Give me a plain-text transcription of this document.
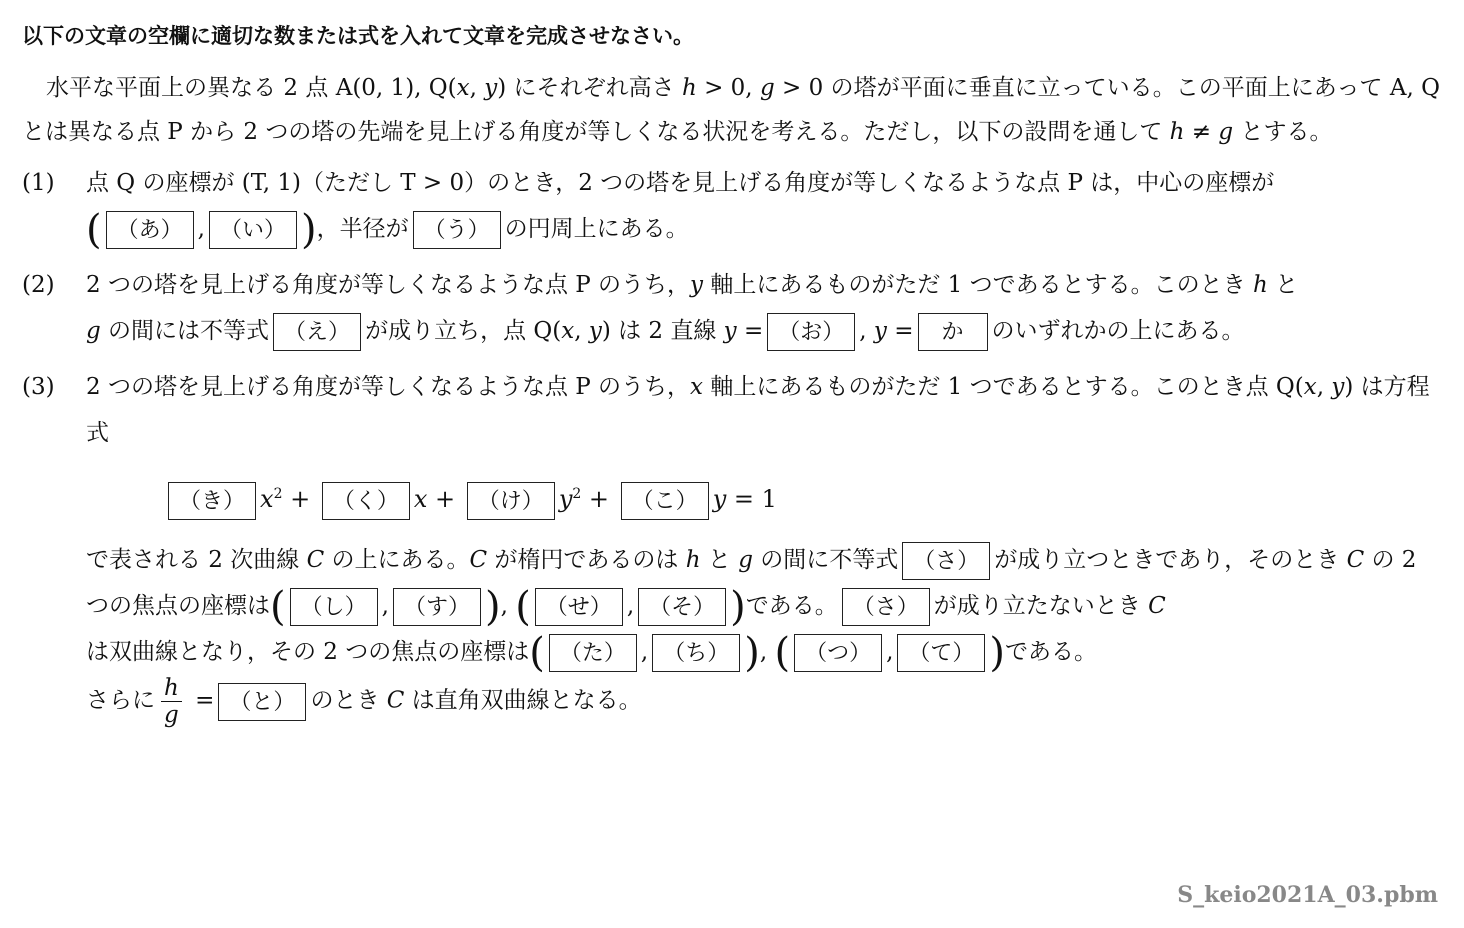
以下の文章の空欄に適切な数または式を入れて文章を完成させなさい。

水平な平面上の異なる 2 点 A(0, 1), Q(x, y) にそれぞれ高さ h > 0, g > 0 の塔が平面に垂直に立っている。この平面上にあって A, Q とは異なる点 P から 2 つの塔の先端を見上げる角度が等しくなる状況を考える。ただし，以下の設問を通して h ≠ g とする。

(1) 点 Q の座標が (T, 1)（ただし T > 0）のとき，2 つの塔を見上げる角度が等しくなるような点 P は，中心の座標が
( （あ） , （い） )，半径が （う） の円周上にある。
(2) 2 つの塔を見上げる角度が等しくなるような点 P のうち，y 軸上にあるものがただ 1 つであるとする。このとき h と
g の間には不等式 （え） が成り立ち，点 Q(x, y) は 2 直線 y = （お） , y = か のいずれかの上にある。
(3) 2 つの塔を見上げる角度が等しくなるような点 P のうち，x 軸上にあるものがただ 1 つであるとする。このとき点 Q(x, y) は方程式
（き） $x^2$ + （く） x + （け） $y^2$ + （こ） y = 1
で表される 2 次曲線 C の上にある。C が楕円であるのは h と g の間に不等式 （さ） が成り立つときであり，そのとき C の 2 つの焦点の座標は( （し） , （す） ), ( （せ） , （そ） )である。 （さ） が成り立たないとき C
は双曲線となり，その 2 つの焦点の座標は( （た） , （ち） ), ( （つ） , （て） )である。
さらに $\frac{h}{g}$ = （と） のとき C は直角双曲線となる。
S_keio2021A_03.pbm
